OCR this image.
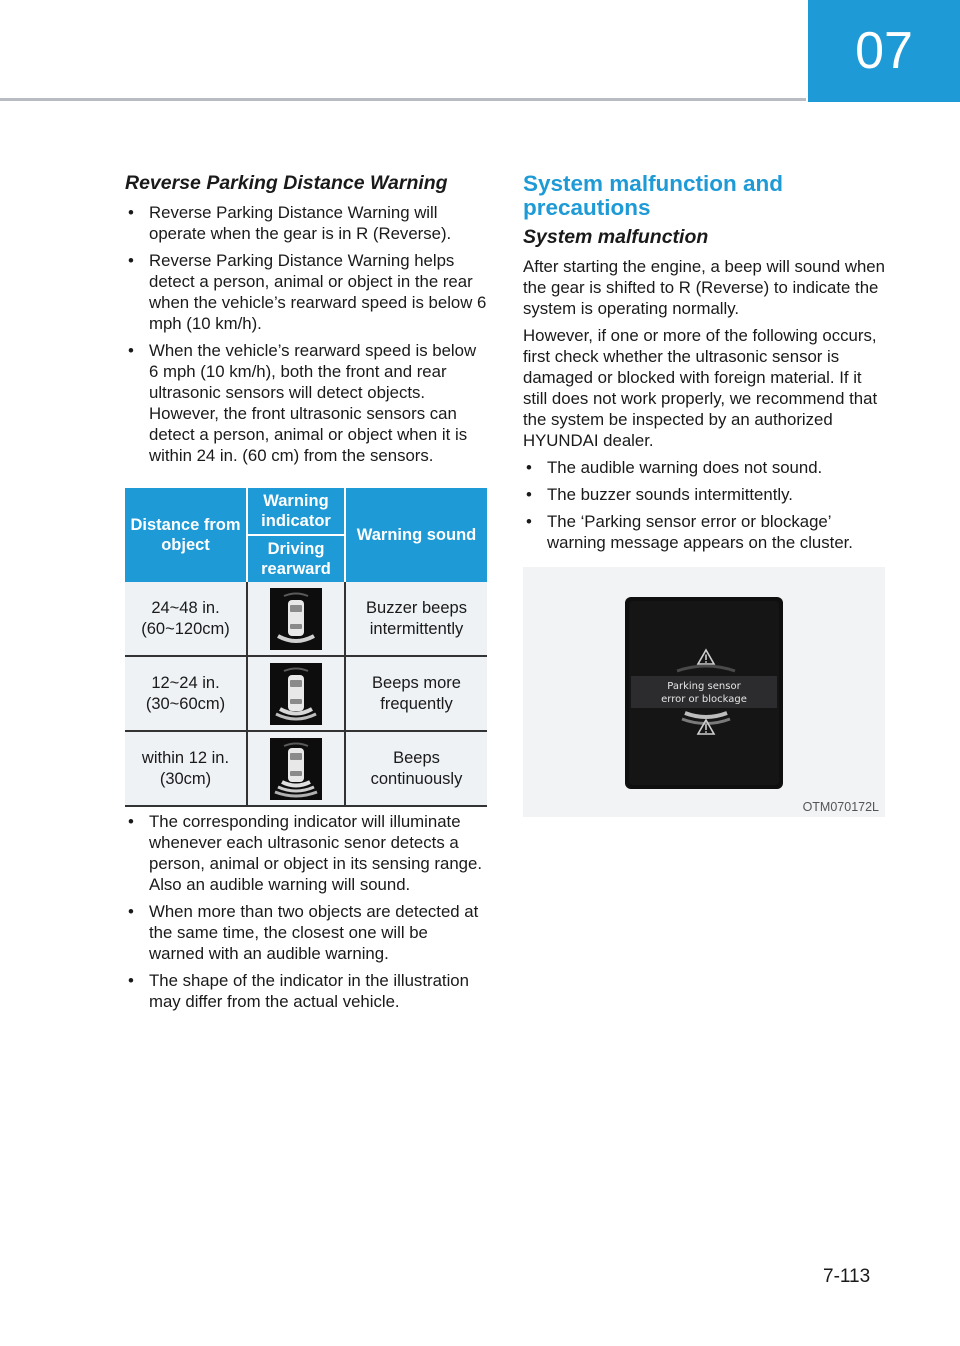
07
Reverse Parking Distance Warning
• Reverse Parking Distance Warning will operate when the gear is in R (Reverse).
• Reverse Parking Distance Warning helps detect a person, animal or object in the rear when the vehicle’s rearward speed is below 6 mph (10 km/h).
• When the vehicle’s rearward speed is below 6 mph (10 km/h), both the front and rear ultrasonic sensors will detect objects. However, the front ultrasonic sensors can detect a person, animal or object when it is within 24 in. (60 cm) from the sensors.
Distance from object	Warning indicator	Warning sound
	Driving rearward	
24~48 in. (60~120cm)		Buzzer beeps intermittently
12~24 in. (30~60cm)		Beeps more frequently
within 12 in. (30cm)		Beeps continuously
• The corresponding indicator will illuminate whenever each ultrasonic senor detects a person, animal or object in its sensing range. Also an audible warning will sound.
• When more than two objects are detected at the same time, the closest one will be warned with an audible warning.
• The shape of the indicator in the illustration may differ from the actual vehicle.
System malfunction and precautions
System malfunction

After starting the engine, a beep will sound when the gear is shifted to R (Reverse) to indicate the system is operating normally.

However, if one or more of the following occurs, first check whether the ultrasonic sensor is damaged or blocked with foreign material. If it still does not work properly, we recommend that the system be inspected by an authorized HYUNDAI dealer.

• The audible warning does not sound.
• The buzzer sounds intermittently.
• The ‘Parking sensor error or blockage’ warning message appears on the cluster.
Parking sensor
error or blockage
OTM070172L
7-113
